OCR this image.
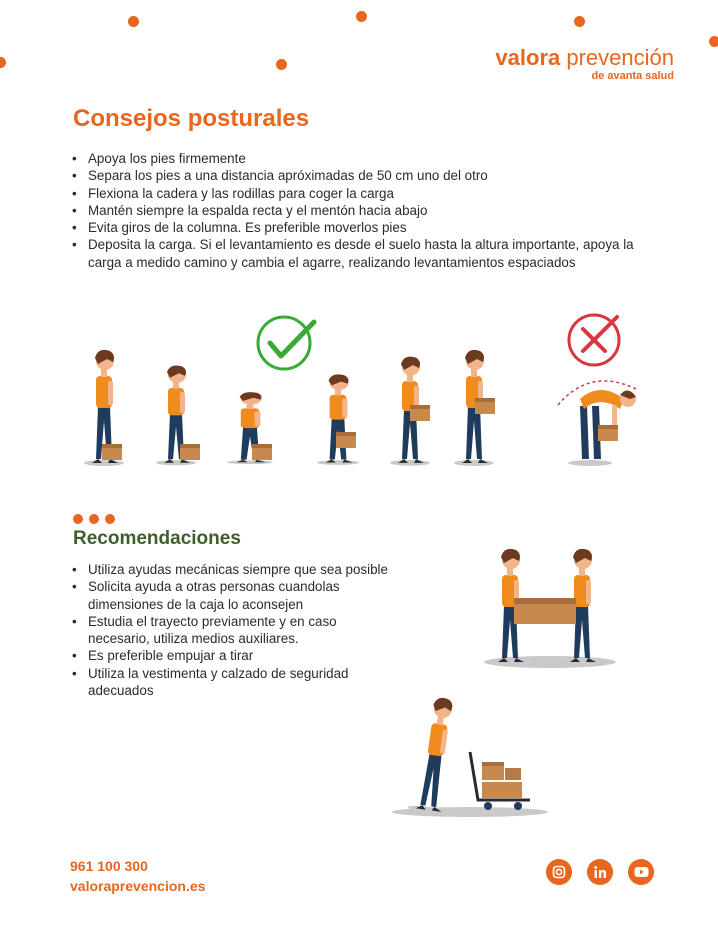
valora prevención
de avanta salud
Consejos posturales
• Apoya los pies firmemente
• Separa los pies a una distancia apróximadas de 50 cm uno del otro
• Flexiona la cadera y las rodillas para coger la carga
• Mantén siempre la espalda recta y el mentón hacia abajo
• Evita giros de la columna. Es preferible moverlos pies
• Deposita la carga. Si el levantamiento es desde el suelo hasta la altura importante, apoya la carga a medido camino y cambia el agarre, realizando levantamientos espaciados
Recomendaciones
• Utiliza ayudas mecánicas siempre que sea posible
• Solicita ayuda a otras personas cuandolas dimensiones de la caja lo aconsejen
• Estudia el trayecto previamente y en caso necesario, utiliza medios auxiliares.
• Es preferible empujar a tirar
• Utiliza la vestimenta y calzado de seguridad adecuados
961 100 300
valoraprevencion.es
